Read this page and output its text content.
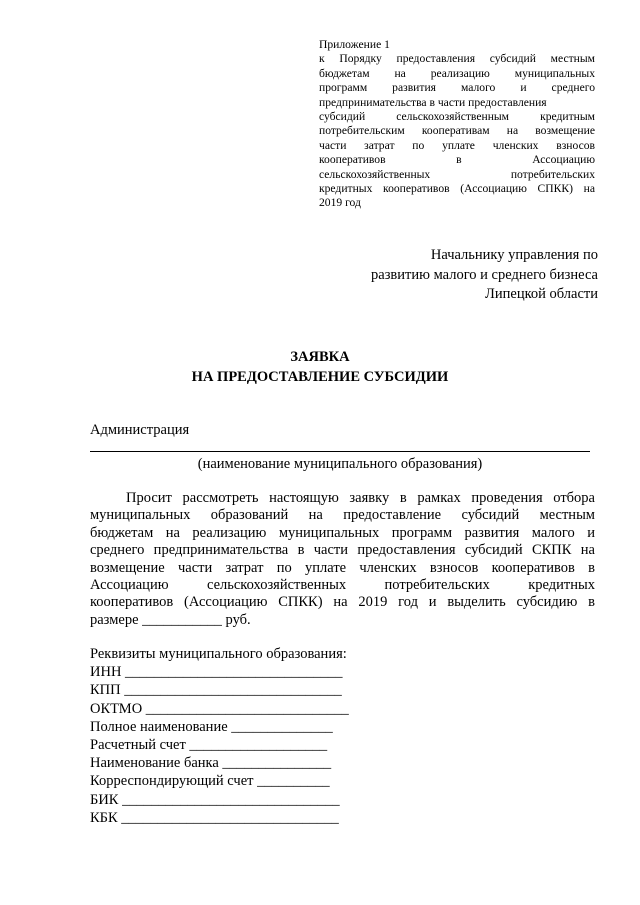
Приложение 1
к Порядку предоставления субсидий местным
бюджетам на реализацию муниципальных
программ развития малого и среднего
предпринимательства в части предоставления
субсидий сельскохозяйственным кредитным
потребительским кооперативам на возмещение
части затрат по уплате членских взносов
кооперативов в Ассоциацию
сельскохозяйственных потребительских
кредитных кооперативов (Ассоциацию СПКК) на
2019 год
Начальнику управления по
развитию малого и среднего бизнеса
Липецкой области
ЗАЯВКА
НА ПРЕДОСТАВЛЕНИЕ СУБСИДИИ
Администрация
(наименование муниципального образования)
Просит рассмотреть настоящую заявку в рамках проведения отбора
муниципальных образований на предоставление субсидий местным
бюджетам на реализацию муниципальных программ развития малого и
среднего предпринимательства в части предоставления субсидий СКПК на
возмещение части затрат по уплате членских взносов кооперативов в
Ассоциацию сельскохозяйственных потребительских кредитных
кооперативов (Ассоциацию СПКК) на 2019 год и выделить субсидию в
размере ___________ руб.
Реквизиты муниципального образования:
ИНН ______________________________
КПП ______________________________
ОКТМО ____________________________
Полное наименование ______________
Расчетный счет ___________________
Наименование банка _______________
Корреспондирующий счет __________
БИК ______________________________
КБК ______________________________
